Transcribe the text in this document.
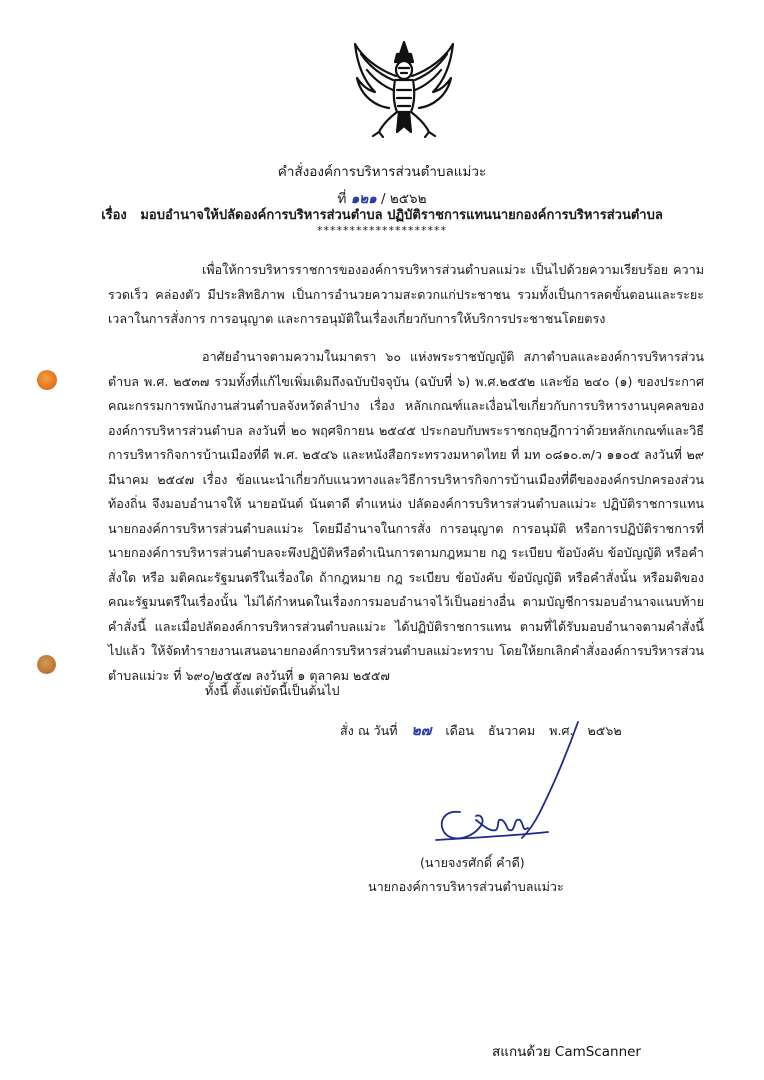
คำสั่งองค์การบริหารส่วนตำบลแม่วะ
ที่ ๑๒๑ / ๒๕๖๒
เรื่อง มอบอำนาจให้ปลัดองค์การบริหารส่วนตำบล ปฏิบัติราชการแทนนายกองค์การบริหารส่วนตำบล
********************
เพื่อให้การบริหารราชการขององค์การบริหารส่วนตำบลแม่วะ เป็นไปด้วยความเรียบร้อย ความรวดเร็ว คล่องตัว มีประสิทธิภาพ เป็นการอำนวยความสะดวกแก่ประชาชน รวมทั้งเป็นการลดขั้นตอนและระยะเวลาในการสั่งการ การอนุญาต และการอนุมัติในเรื่องเกี่ยวกับการให้บริการประชาชนโดยตรง
อาศัยอำนาจตามความในมาตรา ๖๐ แห่งพระราชบัญญัติ สภาตำบลและองค์การบริหารส่วนตำบล พ.ศ. ๒๕๓๗ รวมทั้งที่แก้ไขเพิ่มเติมถึงฉบับปัจจุบัน (ฉบับที่ ๖) พ.ศ.๒๕๕๒ และข้อ ๒๔๐ (๑) ของประกาศคณะกรรมการพนักงานส่วนตำบลจังหวัดลำปาง เรื่อง หลักเกณฑ์และเงื่อนไขเกี่ยวกับการบริหารงานบุคคลขององค์การบริหารส่วนตำบล ลงวันที่ ๒๐ พฤศจิกายน ๒๕๔๕ ประกอบกับพระราชกฤษฎีกาว่าด้วยหลักเกณฑ์และวิธีการบริหารกิจการบ้านเมืองที่ดี พ.ศ. ๒๕๔๖ และหนังสือกระทรวงมหาดไทย ที่ มท ๐๘๑๐.๓/ว ๑๑๐๕ ลงวันที่ ๒๙ มีนาคม ๒๕๔๗ เรื่อง ข้อแนะนำเกี่ยวกับแนวทางและวิธีการบริหารกิจการบ้านเมืองที่ดีขององค์กรปกครองส่วนท้องถิ่น จึงมอบอำนาจให้ นายอนันต์ นันตาดี ตำแหน่ง ปลัดองค์การบริหารส่วนตำบลแม่วะ ปฏิบัติราชการแทนนายกองค์การบริหารส่วนตำบลแม่วะ โดยมีอำนาจในการสั่ง การอนุญาต การอนุมัติ หรือการปฏิบัติราชการที่นายกองค์การบริหารส่วนตำบลจะพึงปฏิบัติหรือดำเนินการตามกฎหมาย กฎ ระเบียบ ข้อบังคับ ข้อบัญญัติ หรือคำสั่งใด หรือ มติคณะรัฐมนตรีในเรื่องใด ถ้ากฎหมาย กฎ ระเบียบ ข้อบังคับ ข้อบัญญัติ หรือคำสั่งนั้น หรือมติของคณะรัฐมนตรีในเรื่องนั้น ไม่ได้กำหนดในเรื่องการมอบอำนาจไว้เป็นอย่างอื่น ตามบัญชีการมอบอำนาจแนบท้ายคำสั่งนี้ และเมื่อปลัดองค์การบริหารส่วนตำบลแม่วะ ได้ปฏิบัติราชการแทน ตามที่ได้รับมอบอำนาจตามคำสั่งนี้ไปแล้ว ให้จัดทำรายงานเสนอนายกองค์การบริหารส่วนตำบลแม่วะทราบ โดยให้ยกเลิกคำสั่งองค์การบริหารส่วนตำบลแม่วะ ที่ ๖๙๐/๒๕๕๗ ลงวันที่ ๑ ตุลาคม ๒๕๕๗
ทั้งนี้ ตั้งแต่บัดนี้เป็นต้นไป
สั่ง ณ วันที่ ๒๗ เดือน ธันวาคม พ.ศ. ๒๕๖๒
(นายจงรศักดิ์ คำดี)
นายกองค์การบริหารส่วนตำบลแม่วะ
สแกนด้วย CamScanner
